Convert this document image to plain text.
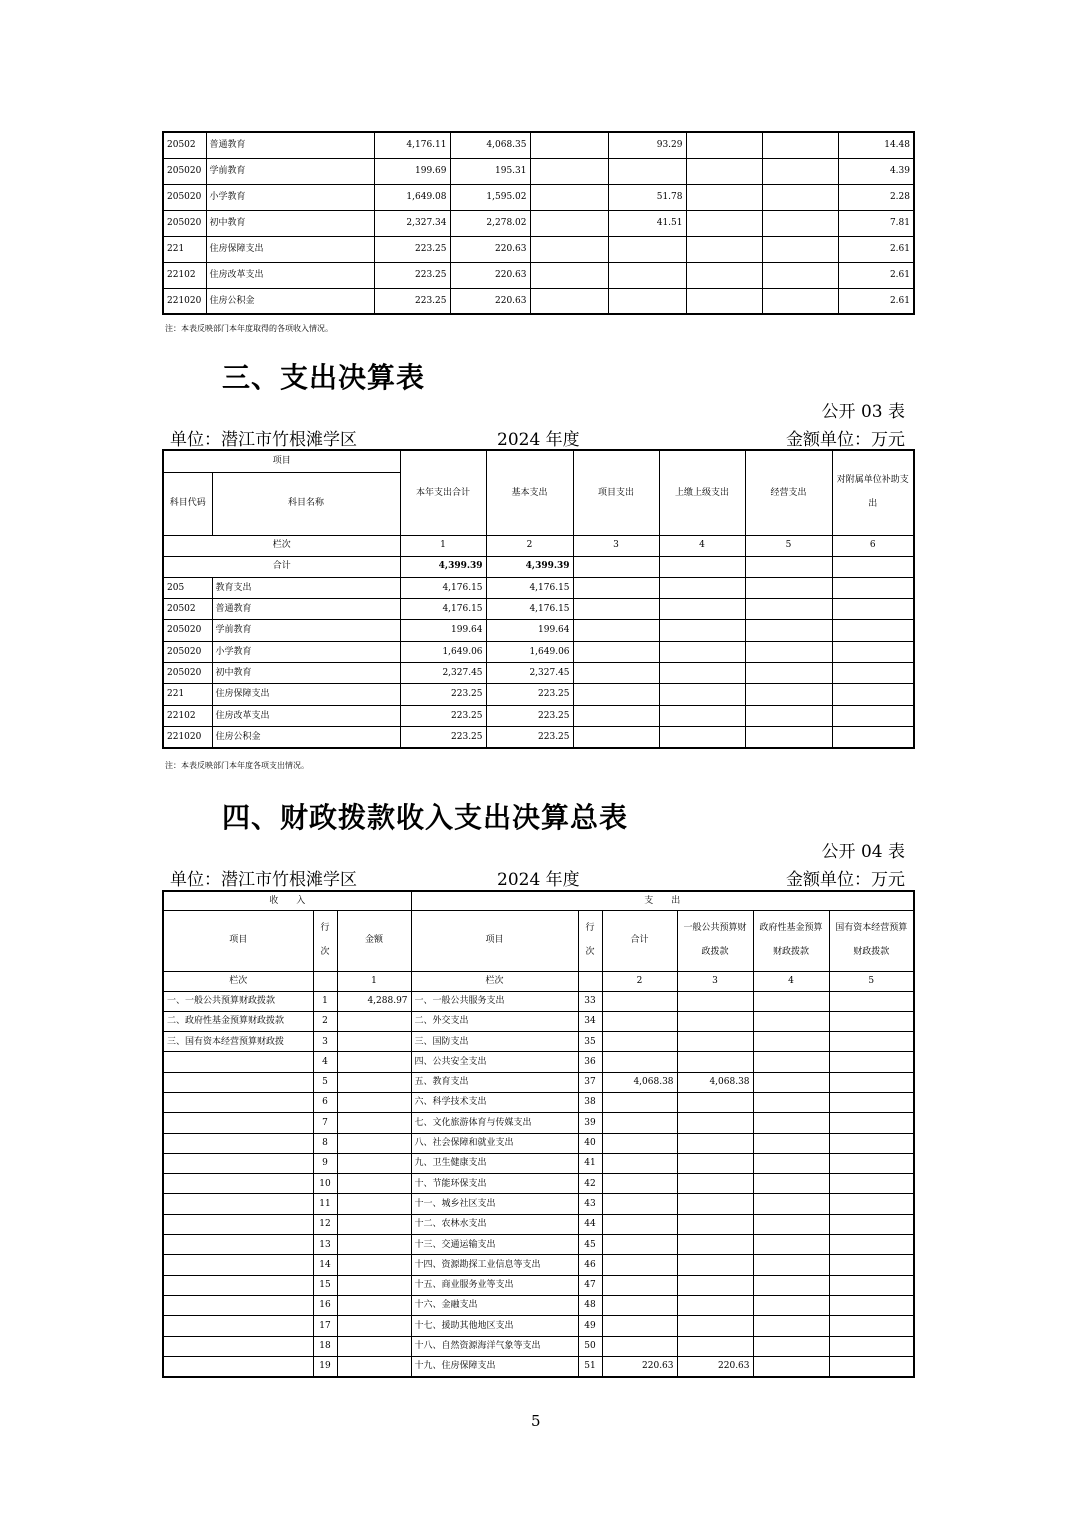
20502	普通教育	4,176.11	4,068.35		93.29			14.48
205020	学前教育	199.69	195.31					4.39
205020	小学教育	1,649.08	1,595.02		51.78			2.28
205020	初中教育	2,327.34	2,278.02		41.51			7.81
221	住房保障支出	223.25	220.63					2.61
22102	住房改革支出	223.25	220.63					2.61
221020	住房公积金	223.25	220.63					2.61
注：本表反映部门本年度取得的各项收入情况。
三、支出决算表
公开 03 表
单位：潜江市竹根滩学区	2024 年度	金额单位：万元
项目		本年支出合计	基本支出	项目支出	上缴上级支出	经营支出	对附属单位补助支出
科目代码	科目名称						
栏次		1	2	3	4	5	6
合计		4,399.39	4,399.39				
205	教育支出	4,176.15	4,176.15				
20502	普通教育	4,176.15	4,176.15				
205020	学前教育	199.64	199.64				
205020	小学教育	1,649.06	1,649.06				
205020	初中教育	2,327.45	2,327.45				
221	住房保障支出	223.25	223.25				
22102	住房改革支出	223.25	223.25				
221020	住房公积金	223.25	223.25				
注：本表反映部门本年度各项支出情况。
四、财政拨款收入支出决算总表
公开 04 表
单位：潜江市竹根滩学区	2024 年度	金额单位：万元
收　　入			支　　出					
项目	行次	金额	项目	行次	合计	一般公共预算财政拨款	政府性基金预算财政拨款	国有资本经营预算财政拨款
栏次		1	栏次		2	3	4	5
一、一般公共预算财政拨款	1	4,288.97	一、一般公共服务支出	33				
二、政府性基金预算财政拨款	2		二、外交支出	34				
三、国有资本经营预算财政拨	3		三、国防支出	35				
	4		四、公共安全支出	36				
	5		五、教育支出	37	4,068.38	4,068.38		
	6		六、科学技术支出	38				
	7		七、文化旅游体育与传媒支出	39				
	8		八、社会保障和就业支出	40				
	9		九、卫生健康支出	41				
	10		十、节能环保支出	42				
	11		十一、城乡社区支出	43				
	12		十二、农林水支出	44				
	13		十三、交通运输支出	45				
	14		十四、资源勘探工业信息等支出	46				
	15		十五、商业服务业等支出	47				
	16		十六、金融支出	48				
	17		十七、援助其他地区支出	49				
	18		十八、自然资源海洋气象等支出	50				
	19		十九、住房保障支出	51	220.63	220.63		
5
